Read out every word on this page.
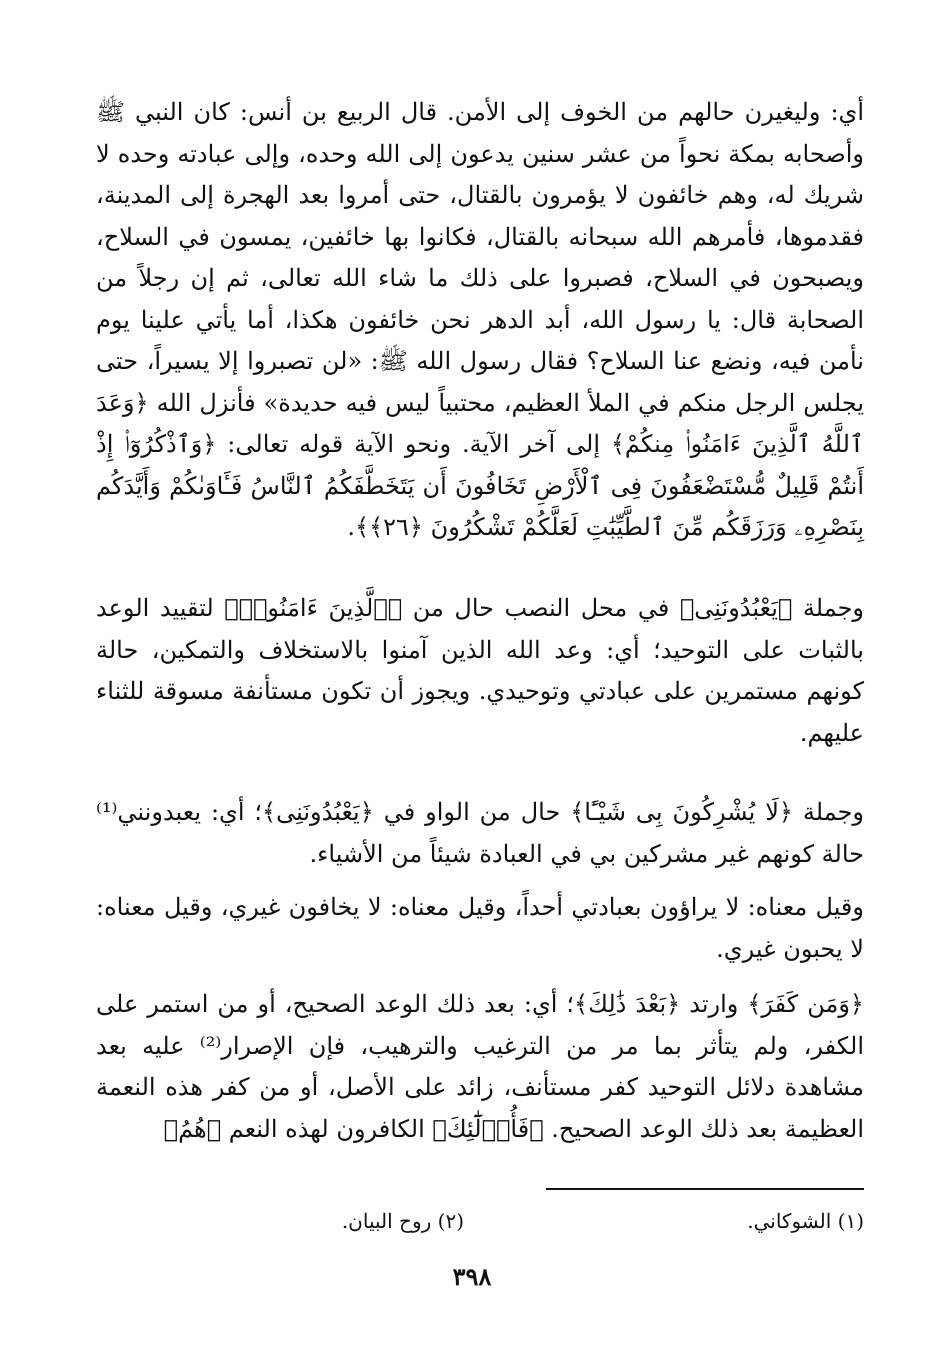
أي: وليغيرن حالهم من الخوف إلى الأمن. قال الربيع بن أنس: كان النبي ﷺ وأصحابه بمكة نحواً من عشر سنين يدعون إلى الله وحده، وإلى عبادته وحده لا شريك له، وهم خائفون لا يؤمرون بالقتال، حتى أمروا بعد الهجرة إلى المدينة، فقدموها، فأمرهم الله سبحانه بالقتال، فكانوا بها خائفين، يمسون في السلاح، ويصبحون في السلاح، فصبروا على ذلك ما شاء الله تعالى، ثم إن رجلاً من الصحابة قال: يا رسول الله، أبد الدهر نحن خائفون هكذا، أما يأتي علينا يوم نأمن فيه، ونضع عنا السلاح؟ فقال رسول الله ﷺ: «لن تصبروا إلا يسيراً، حتى يجلس الرجل منكم في الملأ العظيم، محتبياً ليس فيه حديدة» فأنزل الله ﴿وَعَدَ ٱللَّهُ ٱلَّذِينَ ءَامَنُوا۟ مِنكُمْ﴾ إلى آخر الآية. ونحو الآية قوله تعالى: ﴿وَٱذْكُرُوٓا۟ إِذْ أَنتُمْ قَلِيلٌ مُّسْتَضْعَفُونَ فِى ٱلْأَرْضِ تَخَافُونَ أَن يَتَخَطَّفَكُمُ ٱلنَّاسُ فَـَٔاوَىٰكُمْ وَأَيَّدَكُم بِنَصْرِهِۦ وَرَزَقَكُم مِّنَ ٱلطَّيِّبَٰتِ لَعَلَّكُمْ تَشْكُرُونَ ﴿٢٦﴾﴾.

وجملة ﴿يَعْبُدُونَنِى﴾ في محل النصب حال من ﴿ٱلَّذِينَ ءَامَنُوا۟﴾ لتقييد الوعد بالثبات على التوحيد؛ أي: وعد الله الذين آمنوا بالاستخلاف والتمكين، حالة كونهم مستمرين على عبادتي وتوحيدي. ويجوز أن تكون مستأنفة مسوقة للثناء عليهم.

وجملة ﴿لَا يُشْرِكُونَ بِى شَيْـًٔا﴾ حال من الواو في ﴿يَعْبُدُونَنِى﴾؛ أي: يعبدونني⁽¹⁾ حالة كونهم غير مشركين بي في العبادة شيئاً من الأشياء.

وقيل معناه: لا يراؤون بعبادتي أحداً، وقيل معناه: لا يخافون غيري، وقيل معناه: لا يحبون غيري.

﴿وَمَن كَفَرَ﴾ وارتد ﴿بَعْدَ ذَٰلِكَ﴾؛ أي: بعد ذلك الوعد الصحيح، أو من استمر على الكفر، ولم يتأثر بما مر من الترغيب والترهيب، فإن الإصرار⁽²⁾ عليه بعد مشاهدة دلائل التوحيد كفر مستأنف، زائد على الأصل، أو من كفر هذه النعمة العظيمة بعد ذلك الوعد الصحيح. ﴿فَأُو۟لَٰٓئِكَ﴾ الكافرون لهذه النعم ﴿هُمُ﴾

(١) الشوكاني.
(٢) روح البيان.
٣٩٨
